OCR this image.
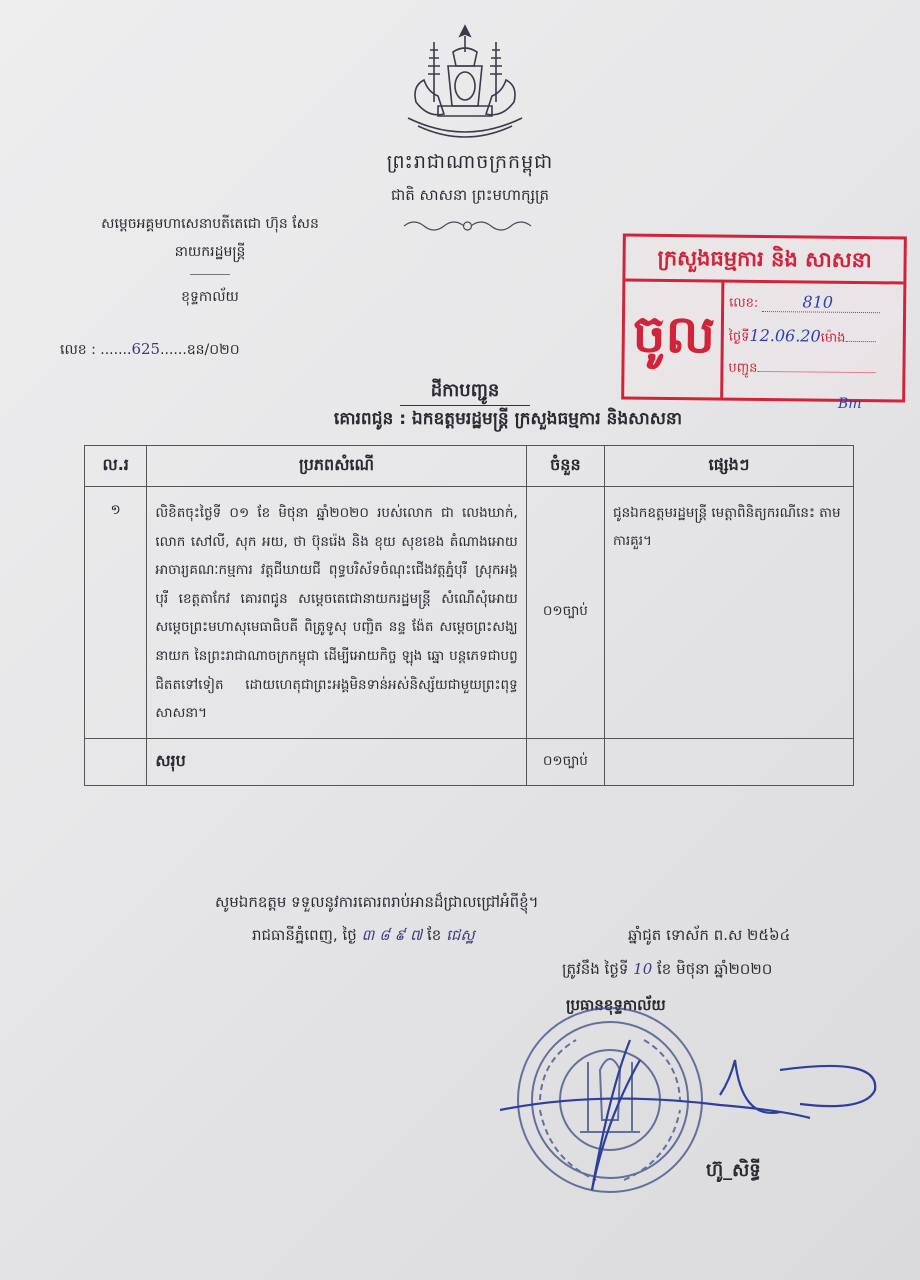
ព្រះរាជាណាចក្រកម្ពុជា
ជាតិ សាសនា ព្រះមហាក្សត្រ
សម្ដេចអគ្គមហាសេនាបតីតេជោ ហ៊ុន សែន
នាយករដ្ឋមន្ត្រី
ខុទ្ទកាល័យ
លេខ : .......625......ឧន/០២០
ក្រសួងធម្មការ និង សាសនា
ចូល
លេខ:	810
ថ្ងៃទី12.06.20ម៉ោង
បញ្ជូន
Bm
ដីកាបញ្ជូន
គោរពជូន : ឯកឧត្តមរដ្ឋមន្ត្រី ក្រសួងធម្មការ និងសាសនា
ល.រ	ប្រភពសំណើ	ចំនួន	ផ្សេងៗ
១	លិខិតចុះថ្ងៃទី ០១ ខែ មិថុនា ឆ្នាំ២០២០ របស់លោក ជា លេងឃាក់, លោក សៅលី, សុក អយ, ថា ប៊ុនរ៉េង និង ខុយ សុខខេង តំណាងអោយអាចារ្យគណៈកម្មការ វត្តជីឃាយជី ពុទ្ធបរិស័ទចំណុះជើងវត្តភ្នំបុរី ស្រុកអង្គបុរី ខេត្តតាកែវ គោរពជូន សម្ដេចតេជោនាយករដ្ឋមន្ត្រី សំណើសុំអោយ សម្ដេចព្រះមហាសុមេធាធិបតី ពិត្រូទូសុ បញ្ជិត នន្ទ ង៉ែត សម្ដេចព្រះសង្ឃនាយក នៃព្រះរាជាណាចក្រកម្ពុជា ដើម្បីអោយកិច្ច ឡុង ឆ្នោ បន្តភេទជាបព្វជិតតទៅទៀត ដោយហេតុជាព្រះអង្គមិនទាន់អស់និស្ស័យជាមួយព្រះពុទ្ធសាសនា។	០១ច្បាប់	ជូនឯកឧត្តមរដ្ឋមន្ត្រី មេត្តាពិនិត្យករណីនេះ តាមការគួរ។
	សរុប	០១ច្បាប់	
សូមឯកឧត្តម ទទួលនូវការគោរពរាប់អានដ៏ជ្រាលជ្រៅអំពីខ្ញុំ។
រាជធានីភ្នំពេញ, ថ្ងៃ ៣ ៨ ៩ ៧ ខែ ជេស្ឋ	ឆ្នាំជូត ទោស័ក ព.ស ២៥៦៤
ត្រូវនឹង ថ្ងៃទី 10 ខែ មិថុនា ឆ្នាំ២០២០
ប្រធានខុទ្ទកាល័យ
ហ៊ូ_សិទ្ធី
